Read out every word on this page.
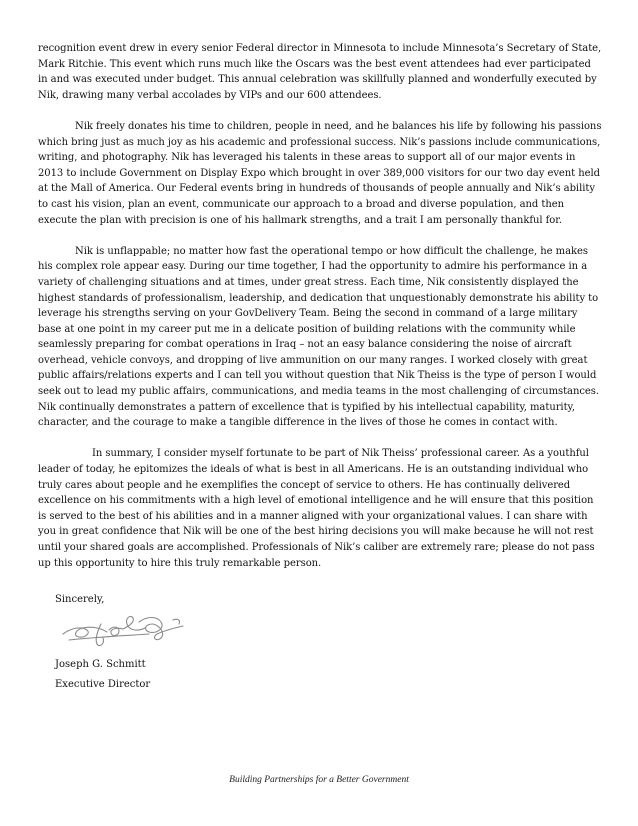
recognition event drew in every senior Federal director in Minnesota to include Minnesota’s Secretary of State, Mark Ritchie. This event which runs much like the Oscars was the best event attendees had ever participated in and was executed under budget. This annual celebration was skillfully planned and wonderfully executed by Nik, drawing many verbal accolades by VIPs and our 600 attendees.

Nik freely donates his time to children, people in need, and he balances his life by following his passions which bring just as much joy as his academic and professional success. Nik’s passions include communications, writing, and photography. Nik has leveraged his talents in these areas to support all of our major events in 2013 to include Government on Display Expo which brought in over 389,000 visitors for our two day event held at the Mall of America. Our Federal events bring in hundreds of thousands of people annually and Nik’s ability to cast his vision, plan an event, communicate our approach to a broad and diverse population, and then execute the plan with precision is one of his hallmark strengths, and a trait I am personally thankful for.

Nik is unflappable; no matter how fast the operational tempo or how difficult the challenge, he makes his complex role appear easy. During our time together, I had the opportunity to admire his performance in a variety of challenging situations and at times, under great stress. Each time, Nik consistently displayed the highest standards of professionalism, leadership, and dedication that unquestionably demonstrate his ability to leverage his strengths serving on your GovDelivery Team. Being the second in command of a large military base at one point in my career put me in a delicate position of building relations with the community while seamlessly preparing for combat operations in Iraq – not an easy balance considering the noise of aircraft overhead, vehicle convoys, and dropping of live ammunition on our many ranges. I worked closely with great public affairs/relations experts and I can tell you without question that Nik Theiss is the type of person I would seek out to lead my public affairs, communications, and media teams in the most challenging of circumstances. Nik continually demonstrates a pattern of excellence that is typified by his intellectual capability, maturity, character, and the courage to make a tangible difference in the lives of those he comes in contact with.

In summary, I consider myself fortunate to be part of Nik Theiss’ professional career. As a youthful leader of today, he epitomizes the ideals of what is best in all Americans. He is an outstanding individual who truly cares about people and he exemplifies the concept of service to others. He has continually delivered excellence on his commitments with a high level of emotional intelligence and he will ensure that this position is served to the best of his abilities and in a manner aligned with your organizational values. I can share with you in great confidence that Nik will be one of the best hiring decisions you will make because he will not rest until your shared goals are accomplished. Professionals of Nik’s caliber are extremely rare; please do not pass up this opportunity to hire this truly remarkable person.

Sincerely,
Joseph G. Schmitt
Executive Director
Building Partnerships for a Better Government
